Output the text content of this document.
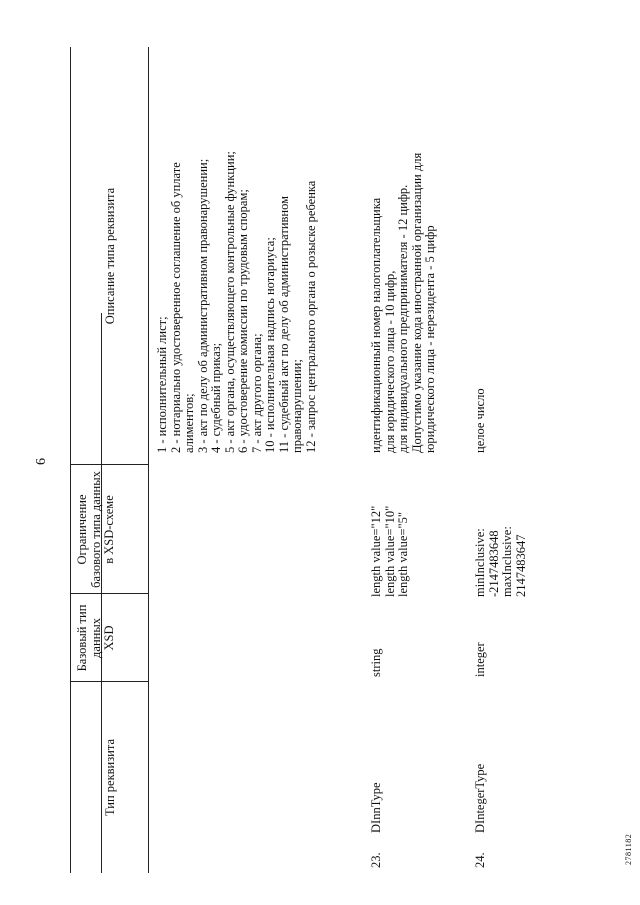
6
Тип реквизита
Базовый тип данных XSD
Ограничение базового типа данных в XSD-схеме
Описание типа реквизита
1 - исполнительный лист; 2 - нотариально удостоверенное соглашение об уплате алиментов; 3 - акт по делу об административном правонарушении; 4 - судебный приказ; 5 - акт органа, осуществляющего контрольные функции; 6 - удостоверение комиссии по трудовым спорам; 7 - акт другого органа; 10 - исполнительная надпись нотариуса; 11 - судебный акт по делу об административном правонарушении; 12 - запрос центрального органа о розыске ребенка
23.
DInnType
string
length value="12" length value="10" length value="5"
идентификационный номер налогоплательщика для юридического лица - 10 цифр, для индивидуального предпринимателя - 12 цифр. Допустимо указание кода иностранной организации для юридического лица - нерезидента - 5 цифр
24.
DIntegerType
integer
minInclusive: -2147483648 maxInclusive: 2147483647
целое число
2781182
